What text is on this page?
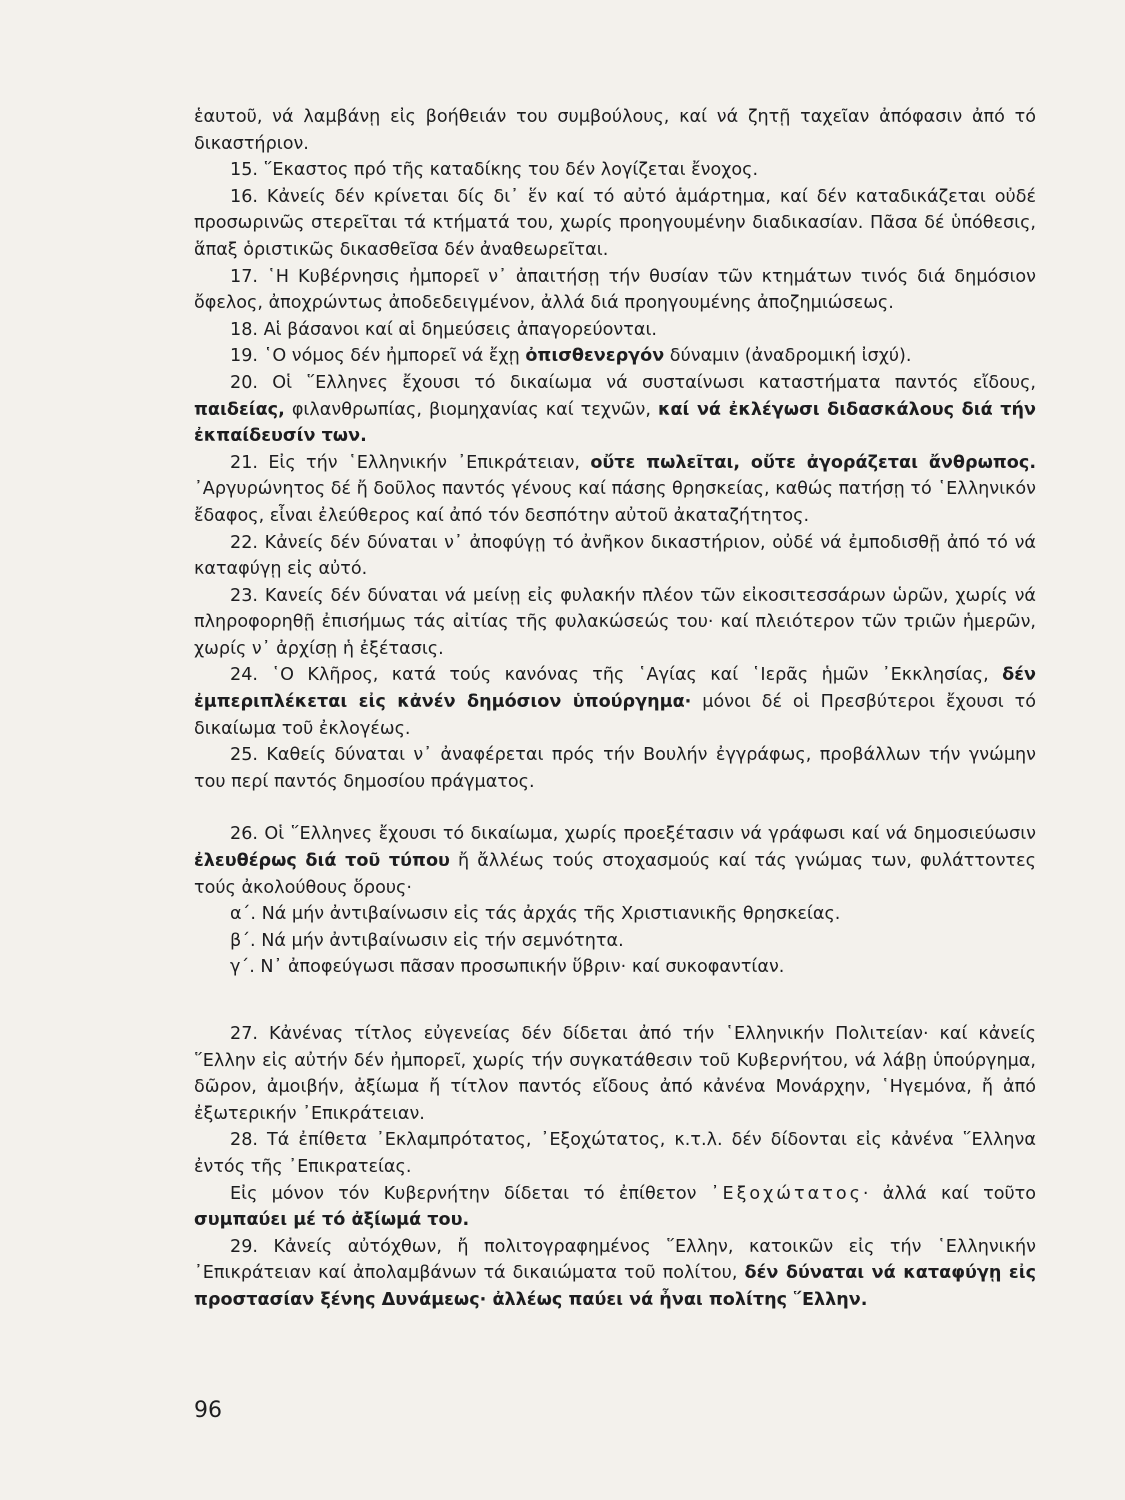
ἑαυτοῦ, νά λαμβάνῃ εἰς βοήθειάν του συμβούλους, καί νά ζητῇ ταχεῖαν ἀπόφασιν ἀπό τό δικαστήριον.

15. ῞Εκαστος πρό τῆς καταδίκης του δέν λογίζεται ἔνοχος.

16. Κἀνείς δέν κρίνεται δίς δι᾽ ἕν καί τό αὐτό ἁμάρτημα, καί δέν καταδικάζεται οὐδέ προσωρινῶς στερεῖται τά κτήματά του, χωρίς προηγουμένην διαδικασίαν. Πᾶσα δέ ὑπόθεσις, ἅπαξ ὁριστικῶς δικασθεῖσα δέν ἀναθεωρεῖται.

17. ῾Η Κυβέρνησις ἠμπορεῖ ν᾽ ἀπαιτήσῃ τήν θυσίαν τῶν κτημάτων τινός διά δημόσιον ὄφελος, ἀποχρώντως ἀποδεδειγμένον, ἀλλά διά προηγουμένης ἀποζημιώσεως.

18. Αἱ βάσανοι καί αἱ δημεύσεις ἀπαγορεύονται.

19. ῾Ο νόμος δέν ἠμπορεῖ νά ἔχῃ ὀπισθενεργόν δύναμιν (ἀναδρομική ἰσχύ).

20. Οἱ ῞Ελληνες ἔχουσι τό δικαίωμα νά συσταίνωσι καταστήματα παντός εἴδους, παιδείας, φιλανθρωπίας, βιομηχανίας καί τεχνῶν, καί νά ἐκλέγωσι διδασκάλους διά τήν ἐκπαίδευσίν των.

21. Εἰς τήν ῾Ελληνικήν ᾿Επικράτειαν, οὔτε πωλεῖται, οὔτε ἀγοράζεται ἄνθρωπος. ᾿Αργυρώνητος δέ ἤ δοῦλος παντός γένους καί πάσης θρησκείας, καθώς πατήσῃ τό ῾Ελληνικόν ἔδαφος, εἶναι ἐλεύθερος καί ἀπό τόν δεσπότην αὐτοῦ ἀκαταζήτητος.

22. Κἀνείς δέν δύναται ν᾽ ἀποφύγῃ τό ἀνῆκον δικαστήριον, οὐδέ νά ἐμποδισθῇ ἀπό τό νά καταφύγῃ εἰς αὐτό.

23. Κανείς δέν δύναται νά μείνῃ εἰς φυλακήν πλέον τῶν εἰκοσιτεσσάρων ὡρῶν, χωρίς νά πληροφορηθῇ ἐπισήμως τάς αἰτίας τῆς φυλακώσεώς του· καί πλειότερον τῶν τριῶν ἡμερῶν, χωρίς ν᾽ ἀρχίσῃ ἡ ἐξέτασις.

24. ῾Ο Κλῆρος, κατά τούς κανόνας τῆς ῾Αγίας καί ῾Ιερᾶς ἡμῶν ᾿Εκκλησίας, δέν ἐμπεριπλέκεται εἰς κἀνέν δημόσιον ὑπούργημα· μόνοι δέ οἱ Πρεσβύτεροι ἔχουσι τό δικαίωμα τοῦ ἐκλογέως.

25. Καθείς δύναται ν᾽ ἀναφέρεται πρός τήν Βουλήν ἐγγράφως, προβάλλων τήν γνώμην του περί παντός δημοσίου πράγματος.

26. Οἱ ῞Ελληνες ἔχουσι τό δικαίωμα, χωρίς προεξέτασιν νά γράφωσι καί νά δημοσιεύωσιν ἐλευθέρως διά τοῦ τύπου ἤ ἄλλέως τούς στοχασμούς καί τάς γνώμας των, φυλάττοντες τούς ἀκολούθους ὅρους·

α΄. Νά μήν ἀντιβαίνωσιν εἰς τάς ἀρχάς τῆς Χριστιανικῆς θρησκείας.

β΄. Νά μήν ἀντιβαίνωσιν εἰς τήν σεμνότητα.

γ΄. Ν᾽ ἀποφεύγωσι πᾶσαν προσωπικήν ὕβριν· καί συκοφαντίαν.

27. Κἀνένας τίτλος εὐγενείας δέν δίδεται ἀπό τήν ῾Ελληνικήν Πολιτείαν· καί κἀνείς ῞Ελλην εἰς αὐτήν δέν ἠμπορεῖ, χωρίς τήν συγκατάθεσιν τοῦ Κυβερνήτου, νά λάβῃ ὑπούργημα, δῶρον, ἀμοιβήν, ἀξίωμα ἤ τίτλον παντός εἴδους ἀπό κἀνένα Μονάρχην, ῾Ηγεμόνα, ἤ ἀπό ἐξωτερικήν ᾿Επικράτειαν.

28. Τά ἐπίθετα ᾿Εκλαμπρότατος, ᾿Εξοχώτατος, κ.τ.λ. δέν δίδονται εἰς κἀνένα ῞Ελληνα ἐντός τῆς ᾿Επικρατείας.

Εἰς μόνον τόν Κυβερνήτην δίδεται τό ἐπίθετον ᾿Εξοχώτατος· ἀλλά καί τοῦτο συμπαύει μέ τό ἀξίωμά του.

29. Κἀνείς αὐτόχθων, ἤ πολιτογραφημένος ῞Ελλην, κατοικῶν εἰς τήν ῾Ελληνικήν ᾿Επικράτειαν καί ἀπολαμβάνων τά δικαιώματα τοῦ πολίτου, δέν δύναται νά καταφύγῃ εἰς προστασίαν ξένης Δυνάμεως· ἀλλέως παύει νά ἦναι πολίτης ῞Ελλην.

96
